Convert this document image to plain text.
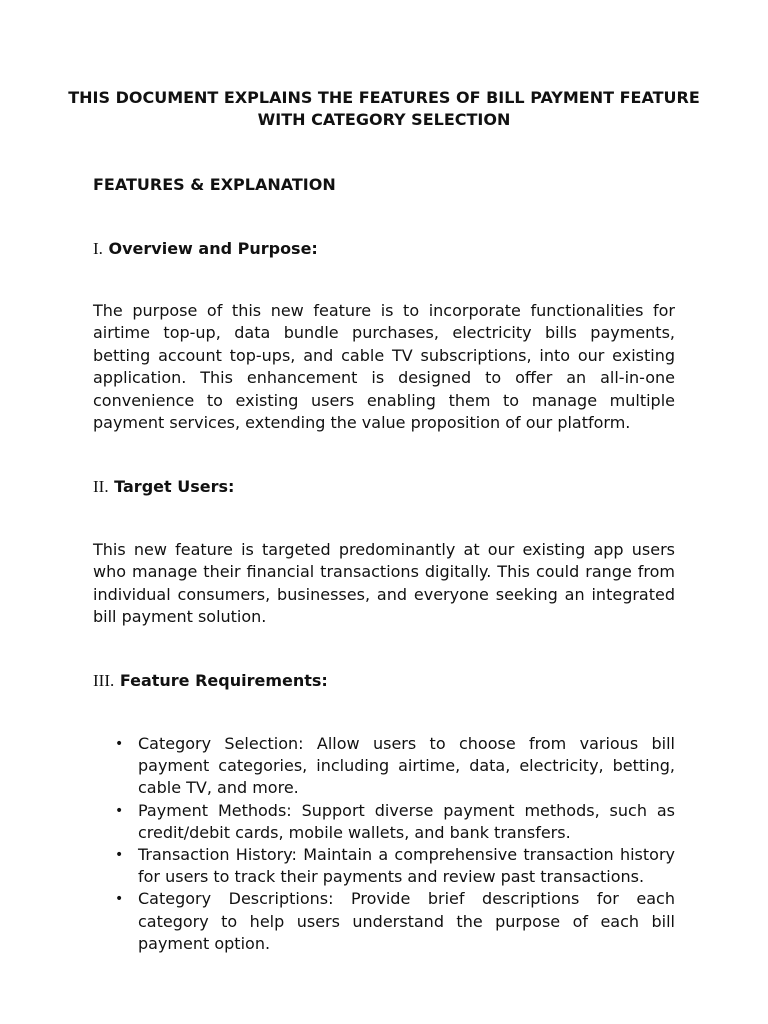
THIS DOCUMENT EXPLAINS THE FEATURES OF BILL PAYMENT FEATURE WITH CATEGORY SELECTION

FEATURES & EXPLANATION

I. Overview and Purpose:

The purpose of this new feature is to incorporate functionalities for airtime top-up, data bundle purchases, electricity bills payments, betting account top-ups, and cable TV subscriptions, into our existing application. This enhancement is designed to offer an all-in-one convenience to existing users enabling them to manage multiple payment services, extending the value proposition of our platform.

II. Target Users:

This new feature is targeted predominantly at our existing app users who manage their financial transactions digitally. This could range from individual consumers, businesses, and everyone seeking an integrated bill payment solution.

III. Feature Requirements:

• Category Selection: Allow users to choose from various bill payment categories, including airtime, data, electricity, betting, cable TV, and more.
• Payment Methods: Support diverse payment methods, such as credit/debit cards, mobile wallets, and bank transfers.
• Transaction History: Maintain a comprehensive transaction history for users to track their payments and review past transactions.
• Category Descriptions: Provide brief descriptions for each category to help users understand the purpose of each bill payment option.
